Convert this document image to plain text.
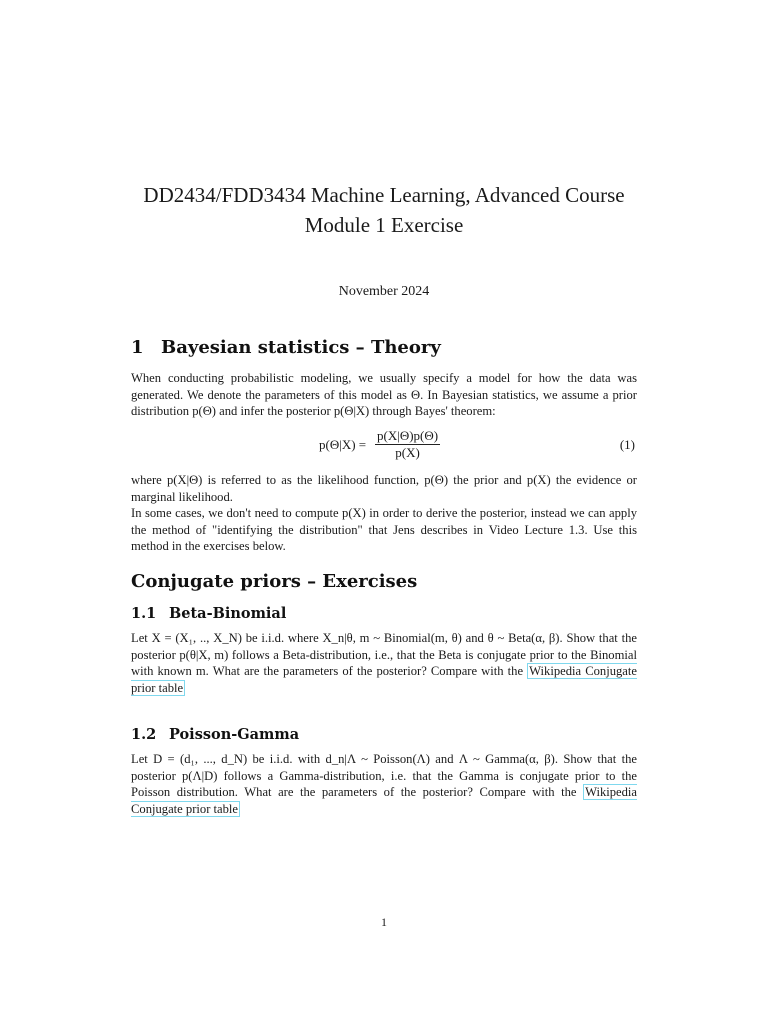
DD2434/FDD3434 Machine Learning, Advanced Course
Module 1 Exercise
November 2024
1 Bayesian statistics – Theory
When conducting probabilistic modeling, we usually specify a model for how the data was generated. We denote the parameters of this model as Θ. In Bayesian statistics, we assume a prior distribution p(Θ) and infer the posterior p(Θ|X) through Bayes' theorem:
$p(\Theta|X) = \frac{p(X|\Theta)p(\Theta)}{p(X)}$	(1)

where p(X|Θ) is referred to as the likelihood function, p(Θ) the prior and p(X) the evidence or marginal likelihood.

In some cases, we don't need to compute p(X) in order to derive the posterior, instead we can apply the method of "identifying the distribution" that Jens describes in Video Lecture 1.3. Use this method in the exercises below.

Conjugate priors – Exercises
1.1 Beta-Binomial
Let X = (X₁, .., X_N) be i.i.d. where X_n|θ, m ~ Binomial(m, θ) and θ ~ Beta(α, β). Show that the posterior p(θ|X, m) follows a Beta-distribution, i.e., that the Beta is conjugate prior to the Binomial with known m. What are the parameters of the posterior? Compare with the Wikipedia Conjugate prior table
1.2 Poisson-Gamma
Let D = (d₁, ..., d_N) be i.i.d. with d_n|Λ ~ Poisson(Λ) and Λ ~ Gamma(α, β). Show that the posterior p(Λ|D) follows a Gamma-distribution, i.e. that the Gamma is conjugate prior to the Poisson distribution. What are the parameters of the posterior? Compare with the Wikipedia Conjugate prior table
1
